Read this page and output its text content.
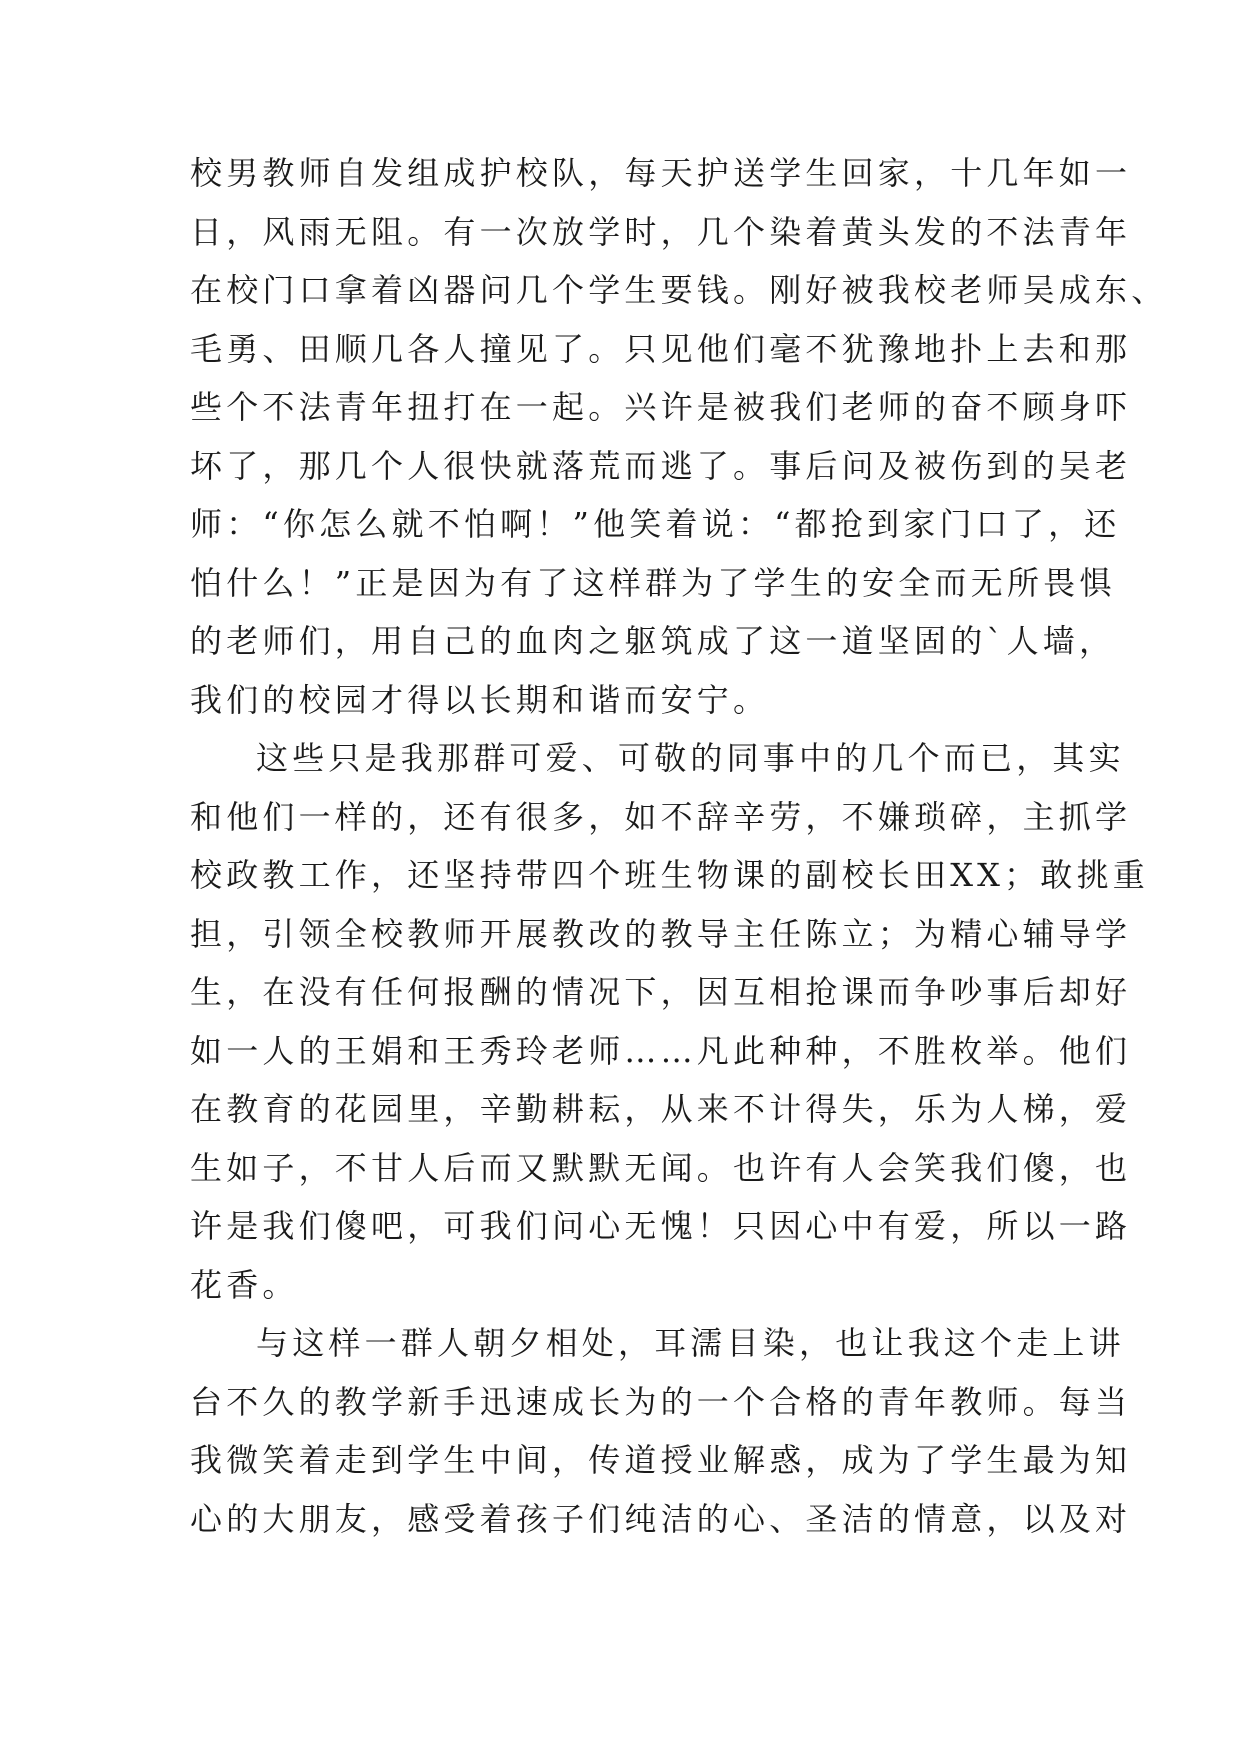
校男教师自发组成护校队，每天护送学生回家，十几年如一
日，风雨无阻。有一次放学时，几个染着黄头发的不法青年
在校门口拿着凶器问几个学生要钱。刚好被我校老师吴成东、
毛勇、田顺几各人撞见了。只见他们毫不犹豫地扑上去和那
些个不法青年扭打在一起。兴许是被我们老师的奋不顾身吓
坏了，那几个人很快就落荒而逃了。事后问及被伤到的吴老
师：“你怎么就不怕啊！”他笑着说：“都抢到家门口了，还
怕什么！”正是因为有了这样群为了学生的安全而无所畏惧
的老师们，用自己的血肉之躯筑成了这一道坚固的`人墙，
我们的校园才得以长期和谐而安宁。
这些只是我那群可爱、可敬的同事中的几个而已，其实
和他们一样的，还有很多，如不辞辛劳，不嫌琐碎，主抓学
校政教工作，还坚持带四个班生物课的副校长田XX；敢挑重
担，引领全校教师开展教改的教导主任陈立；为精心辅导学
生，在没有任何报酬的情况下，因互相抢课而争吵事后却好
如一人的王娟和王秀玲老师……凡此种种，不胜枚举。他们
在教育的花园里，辛勤耕耘，从来不计得失，乐为人梯，爱
生如子，不甘人后而又默默无闻。也许有人会笑我们傻，也
许是我们傻吧，可我们问心无愧！只因心中有爱，所以一路
花香。
与这样一群人朝夕相处，耳濡目染，也让我这个走上讲
台不久的教学新手迅速成长为的一个合格的青年教师。每当
我微笑着走到学生中间，传道授业解惑，成为了学生最为知
心的大朋友，感受着孩子们纯洁的心、圣洁的情意，以及对
